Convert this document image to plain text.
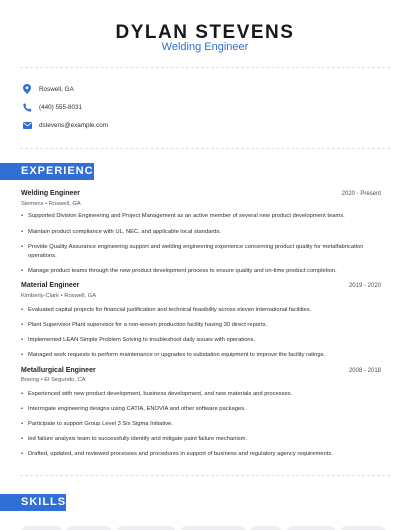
DYLAN STEVENS
Welding Engineer
Roswell, GA
(440) 555-8031
dstevens@example.com
EXPERIENCE
Welding Engineer	2020 - Present
Siemens • Roswell, GA
• Supported Division Engineering and Project Management as an active member of several new product development teams.
• Maintain product compliance with UL, NEC, and applicable local standards.
• Provide Quality Assurance engineering support and welding engineering experience concerning product quality for metalfabrication operations.
• Manage product teams through the new product development process to ensure quality and on-time product completion.
Material Engineer	2019 - 2020
Kimberly-Clark • Roswell, GA
• Evaluated capital projects for financial justification and technical feasibility across eleven international facilities.
• Plant Supervisor Plant supervisor for a non-woven production facility having 30 direct reports.
• Implemented LEAN Simple Problem Solving to troubleshoot daily issues with operations.
• Managed work requests to perform maintenance or upgrades to substation equipment to improve the facility ratings.
Metallurgical Engineer	2008 - 2018
Boeing • El Segundo, CA
• Experienced with new product development, business development, and new materials and processes.
• Interrogate engineering designs using CATIA, ENOVIA and other software packages.
• Participate to support Group Level 3 Six Sigma Initiative.
• led failure analysis team to successfully identify and mitigate paint failure mechanism.
• Drafted, updated, and reviewed processes and procedures in support of business and regulatory agency requirements.
SKILLS
